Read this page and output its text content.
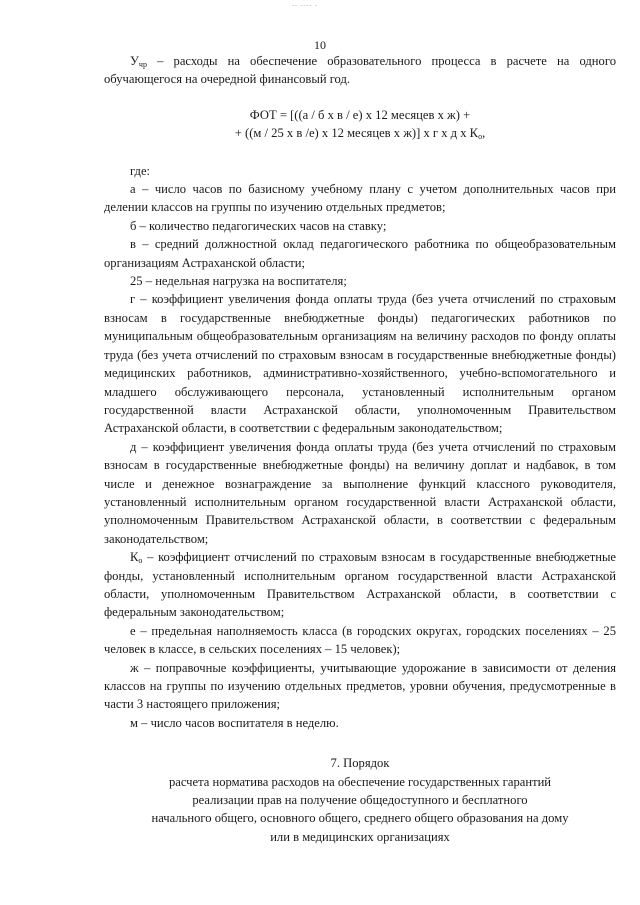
-- ---- -
10

$У_{чр}$ – расходы на обеспечение образовательного процесса в расчете на одного обучающегося на очередной финансовый год.

ФОТ = [((а / б х в / е) х 12 месяцев х ж) +
+ ((м / 25 х в /е) х 12 месяцев х ж)] х г х д х $К_о$,

где:

а – число часов по базисному учебному плану с учетом дополнительных часов при делении классов на группы по изучению отдельных предметов;

б – количество педагогических часов на ставку;

в – средний должностной оклад педагогического работника по общеобразовательным организациям Астраханской области;

25 – недельная нагрузка на воспитателя;

г – коэффициент увеличения фонда оплаты труда (без учета отчислений по страховым взносам в государственные внебюджетные фонды) педагогических работников по муниципальным общеобразовательным организациям на величину расходов по фонду оплаты труда (без учета отчислений по страховым взносам в государственные внебюджетные фонды) медицинских работников, административно-хозяйственного, учебно-вспомогательного и младшего обслуживающего персонала, установленный исполнительным органом государственной власти Астраханской области, уполномоченным Правительством Астраханской области, в соответствии с федеральным законодательством;

д – коэффициент увеличения фонда оплаты труда (без учета отчислений по страховым взносам в государственные внебюджетные фонды) на величину доплат и надбавок, в том числе и денежное вознаграждение за выполнение функций классного руководителя, установленный исполнительным органом государственной власти Астраханской области, уполномоченным Правительством Астраханской области, в соответствии с федеральным законодательством;

$К_о$ – коэффициент отчислений по страховым взносам в государственные внебюджетные фонды, установленный исполнительным органом государственной власти Астраханской области, уполномоченным Правительством Астраханской области, в соответствии с федеральным законодательством;

е – предельная наполняемость класса (в городских округах, городских поселениях – 25 человек в классе, в сельских поселениях – 15 человек);

ж – поправочные коэффициенты, учитывающие удорожание в зависимости от деления классов на группы по изучению отдельных предметов, уровни обучения, предусмотренные в части 3 настоящего приложения;

м – число часов воспитателя в неделю.

7. Порядок
расчета норматива расходов на обеспечение государственных гарантий
реализации прав на получение общедоступного и бесплатного
начального общего, основного общего, среднего общего образования на дому
или в медицинских организациях
